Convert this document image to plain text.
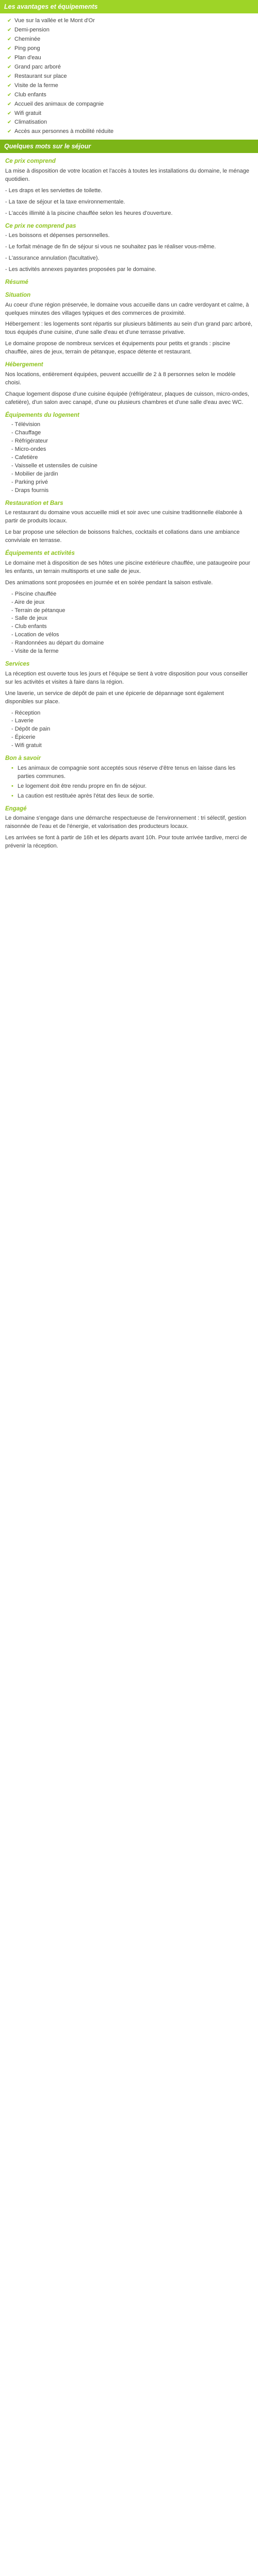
Les avantages et équipements
✔ Vue sur la vallée et le Mont d'Or
✔ Demi-pension
✔ Cheminée
✔ Ping pong
✔ Plan d'eau
✔ Grand parc arboré
✔ Restaurant sur place
✔ Visite de la ferme
✔ Club enfants
✔ Accueil des animaux de compagnie
✔ Wifi gratuit
✔ Climatisation
✔ Accès aux personnes à mobilité réduite
Quelques mots sur le séjour
Ce prix comprend
La mise à disposition de votre location et l'accès à toutes les installations du domaine, le ménage quotidien.
- Les draps et les serviettes de toilette.
- La taxe de séjour et la taxe environnementale.
- L'accès illimité à la piscine chauffée selon les heures d'ouverture.
Ce prix ne comprend pas
- Les boissons et dépenses personnelles.
- Le forfait ménage de fin de séjour si vous ne souhaitez pas le réaliser vous-même.
- L'assurance annulation (facultative).
- Les activités annexes payantes proposées par le domaine.
Résumé
Situation
Au coeur d'une région préservée, le domaine vous accueille dans un cadre verdoyant et calme, à quelques minutes des villages typiques et des commerces de proximité.
Hébergement : les logements sont répartis sur plusieurs bâtiments au sein d'un grand parc arboré, tous équipés d'une cuisine, d'une salle d'eau et d'une terrasse privative.
Le domaine propose de nombreux services et équipements pour petits et grands : piscine chauffée, aires de jeux, terrain de pétanque, espace détente et restaurant.
Hébergement
Nos locations, entièrement équipées, peuvent accueillir de 2 à 8 personnes selon le modèle choisi.
Chaque logement dispose d'une cuisine équipée (réfrigérateur, plaques de cuisson, micro-ondes, cafetière), d'un salon avec canapé, d'une ou plusieurs chambres et d'une salle d'eau avec WC.
Équipements du logement
- Télévision
- Chauffage
- Réfrigérateur
- Micro-ondes
- Cafetière
- Vaisselle et ustensiles de cuisine
- Mobilier de jardin
- Parking privé
- Draps fournis
Restauration et Bars
Le restaurant du domaine vous accueille midi et soir avec une cuisine traditionnelle élaborée à partir de produits locaux.
Le bar propose une sélection de boissons fraîches, cocktails et collations dans une ambiance conviviale en terrasse.
Équipements et activités
Le domaine met à disposition de ses hôtes une piscine extérieure chauffée, une pataugeoire pour les enfants, un terrain multisports et une salle de jeux.
Des animations sont proposées en journée et en soirée pendant la saison estivale.
- Piscine chauffée
- Aire de jeux
- Terrain de pétanque
- Salle de jeux
- Club enfants
- Location de vélos
- Randonnées au départ du domaine
- Visite de la ferme
Services
La réception est ouverte tous les jours et l'équipe se tient à votre disposition pour vous conseiller sur les activités et visites à faire dans la région.
Une laverie, un service de dépôt de pain et une épicerie de dépannage sont également disponibles sur place.
- Réception
- Laverie
- Dépôt de pain
- Épicerie
- Wifi gratuit
Bon à savoir
• Les animaux de compagnie sont acceptés sous réserve d'être tenus en laisse dans les parties communes.
• Le logement doit être rendu propre en fin de séjour.
• La caution est restituée après l'état des lieux de sortie.
Engagé
Le domaine s'engage dans une démarche respectueuse de l'environnement : tri sélectif, gestion raisonnée de l'eau et de l'énergie, et valorisation des producteurs locaux.
Les arrivées se font à partir de 16h et les départs avant 10h. Pour toute arrivée tardive, merci de prévenir la réception.
